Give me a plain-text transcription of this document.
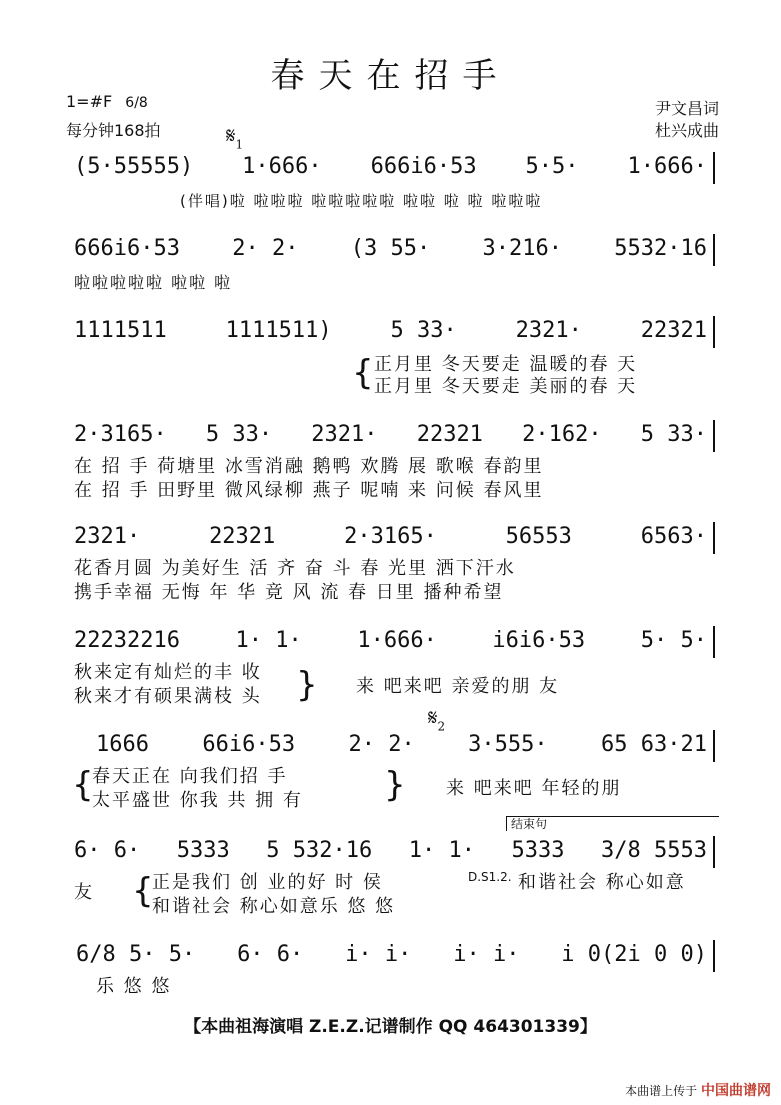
春天在招手
1=#F 6/8
每分钟168拍
尹文昌词
杜兴成曲
$𝄋_1$
(5·55555) 1·666· 666i6·53 5·5· 1·666·
(伴唱)啦 啦啦啦 啦啦啦啦啦 啦啦 啦 啦 啦啦啦
666i6·53 2· 2· (3 55· 3·216· 5532·16
啦啦啦啦啦 啦啦 啦
1111511	1111511)	5 33·	2321·	22321
{ 正月里 冬天要走 温暖的春 天
正月里 冬天要走 美丽的春 天
2·3165· 5 33· 2321· 22321 2·162· 5 33·
在 招 手 荷塘里 冰雪消融 鹅鸭 欢腾 展 歌喉 春韵里
在 招 手 田野里 微风绿柳 燕子 呢喃 来 问候 春风里
2321·	22321	2·3165·	56553	6563·
花香月圆 为美好生 活 齐 奋 斗 春 光里 洒下汗水
携手幸福 无悔 年 华 竟 风 流 春 日里 播种希望
22232216	1· 1·	1·666·	i6i6·53	5· 5·
秋来定有灿烂的丰 收
秋来才有硕果满枝 头 } 来 吧来吧 亲爱的朋 友
$𝄋_2$
1666 66i6·53 2· 2· 3·555· 65 63·21
{
春天正在 向我们招 手
太平盛世 你我 共 拥 有 } 来 吧来吧 年轻的朋
结束句
6· 6· 5333 5 532·16 1· 1· 5333 3/8 5553
友 {
正是我们 创 业的好 时 侯
和谐社会 称心如意乐 悠 悠
D.S1.2. 和谐社会 称心如意
6/8 5· 5· 6· 6· i· i· i· i· i 0(2i 0 0)
乐 悠 悠
【本曲祖海演唱 Z.E.Z.记谱制作 QQ 464301339】
本曲谱上传于 中国曲谱网
